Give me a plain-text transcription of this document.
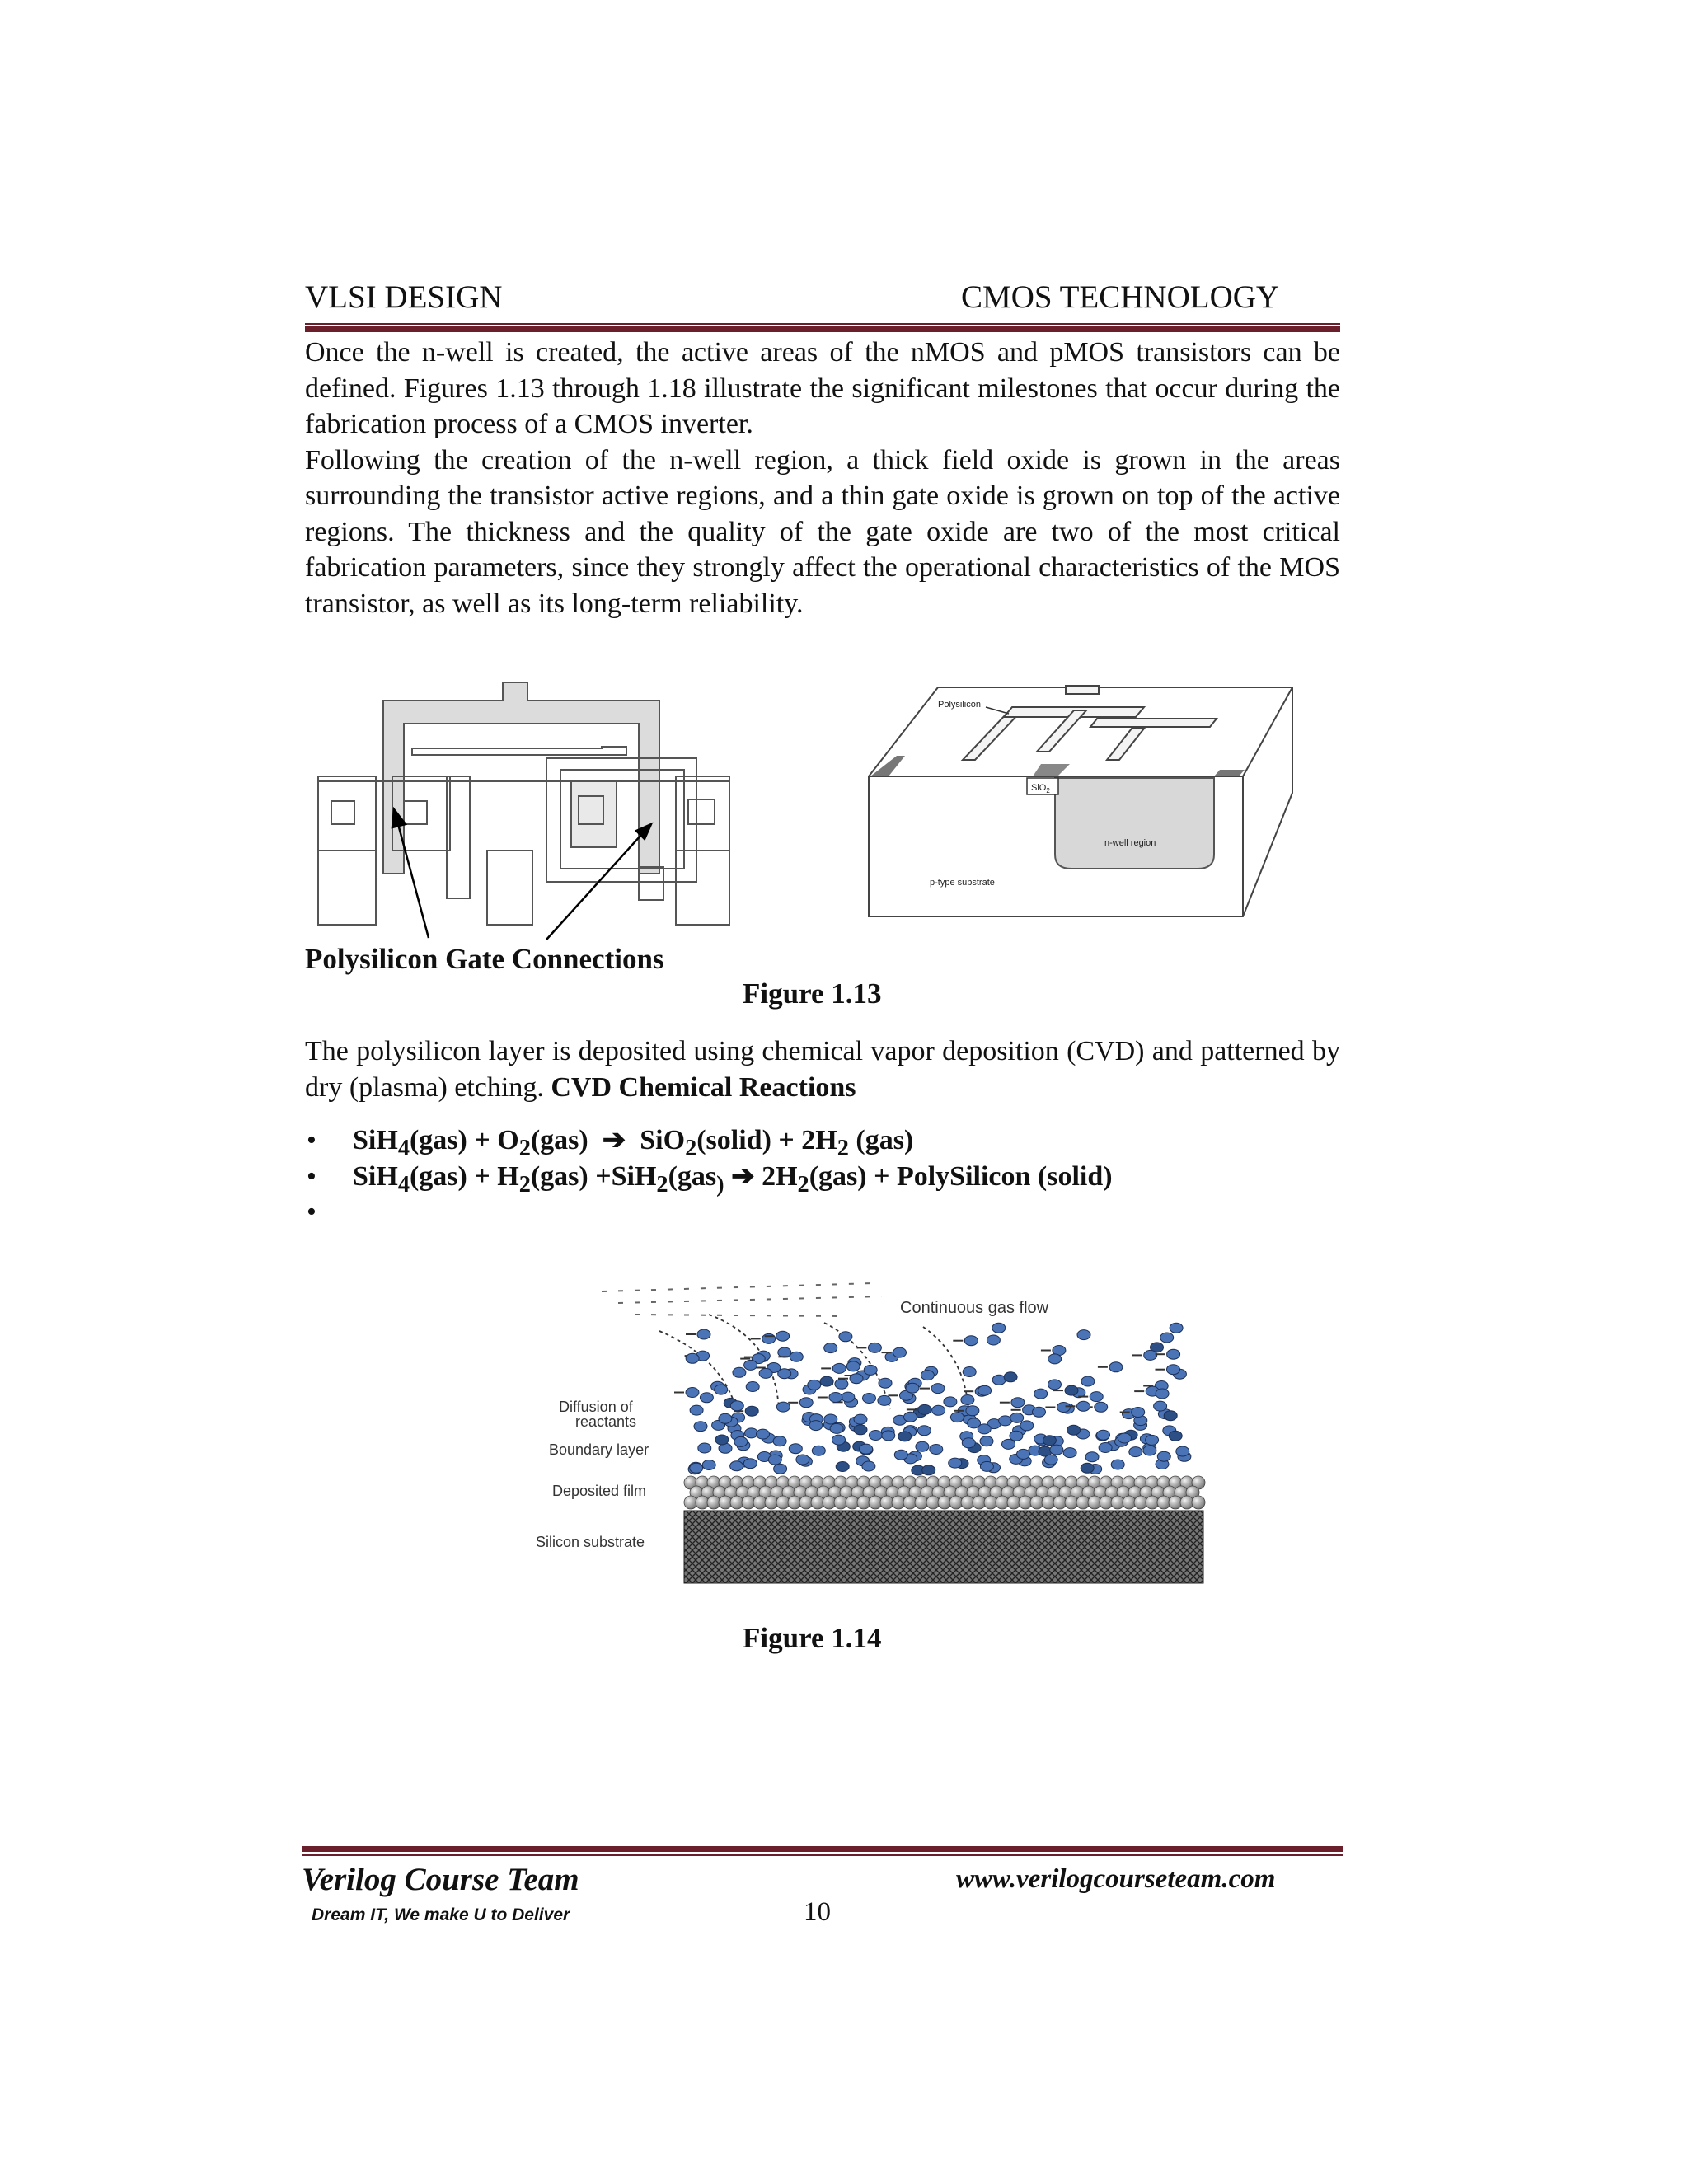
VLSI DESIGN	CMOS TECHNOLOGY

Once the n-well is created, the active areas of the nMOS and pMOS transistors can be defined. Figures 1.13 through 1.18 illustrate the significant milestones that occur during the fabrication process of a CMOS inverter.

Following the creation of the n-well region, a thick field oxide is grown in the areas surrounding the transistor active regions, and a thin gate oxide is grown on top of the active regions. The thickness and the quality of the gate oxide are two of the most critical fabrication parameters, since they strongly affect the operational characteristics of the MOS transistor, as well as its long-term reliability.

Polysilicon
SiO$_2$
n-well region
p-type substrate
Polysilicon Gate Connections
Figure 1.13

The polysilicon layer is deposited using chemical vapor deposition (CVD) and patterned by dry (plasma) etching. CVD Chemical Reactions

•	$SiH_4(gas) + O_2(gas)$ ➔ SiO$_2$(solid) + $2H_2$ (gas)
•	$SiH_4(gas) + H_2(gas) +SiH_2(gas_)$ ➔ $2H_2(gas)$ + PolySilicon (solid)
•
Continuous gas flow
Diffusion of
reactants
Boundary layer
Deposited film
Silicon substrate
Figure 1.14
Verilog Course Team	www.verilogcourseteam.com
Dream IT, We make U to Deliver	10
